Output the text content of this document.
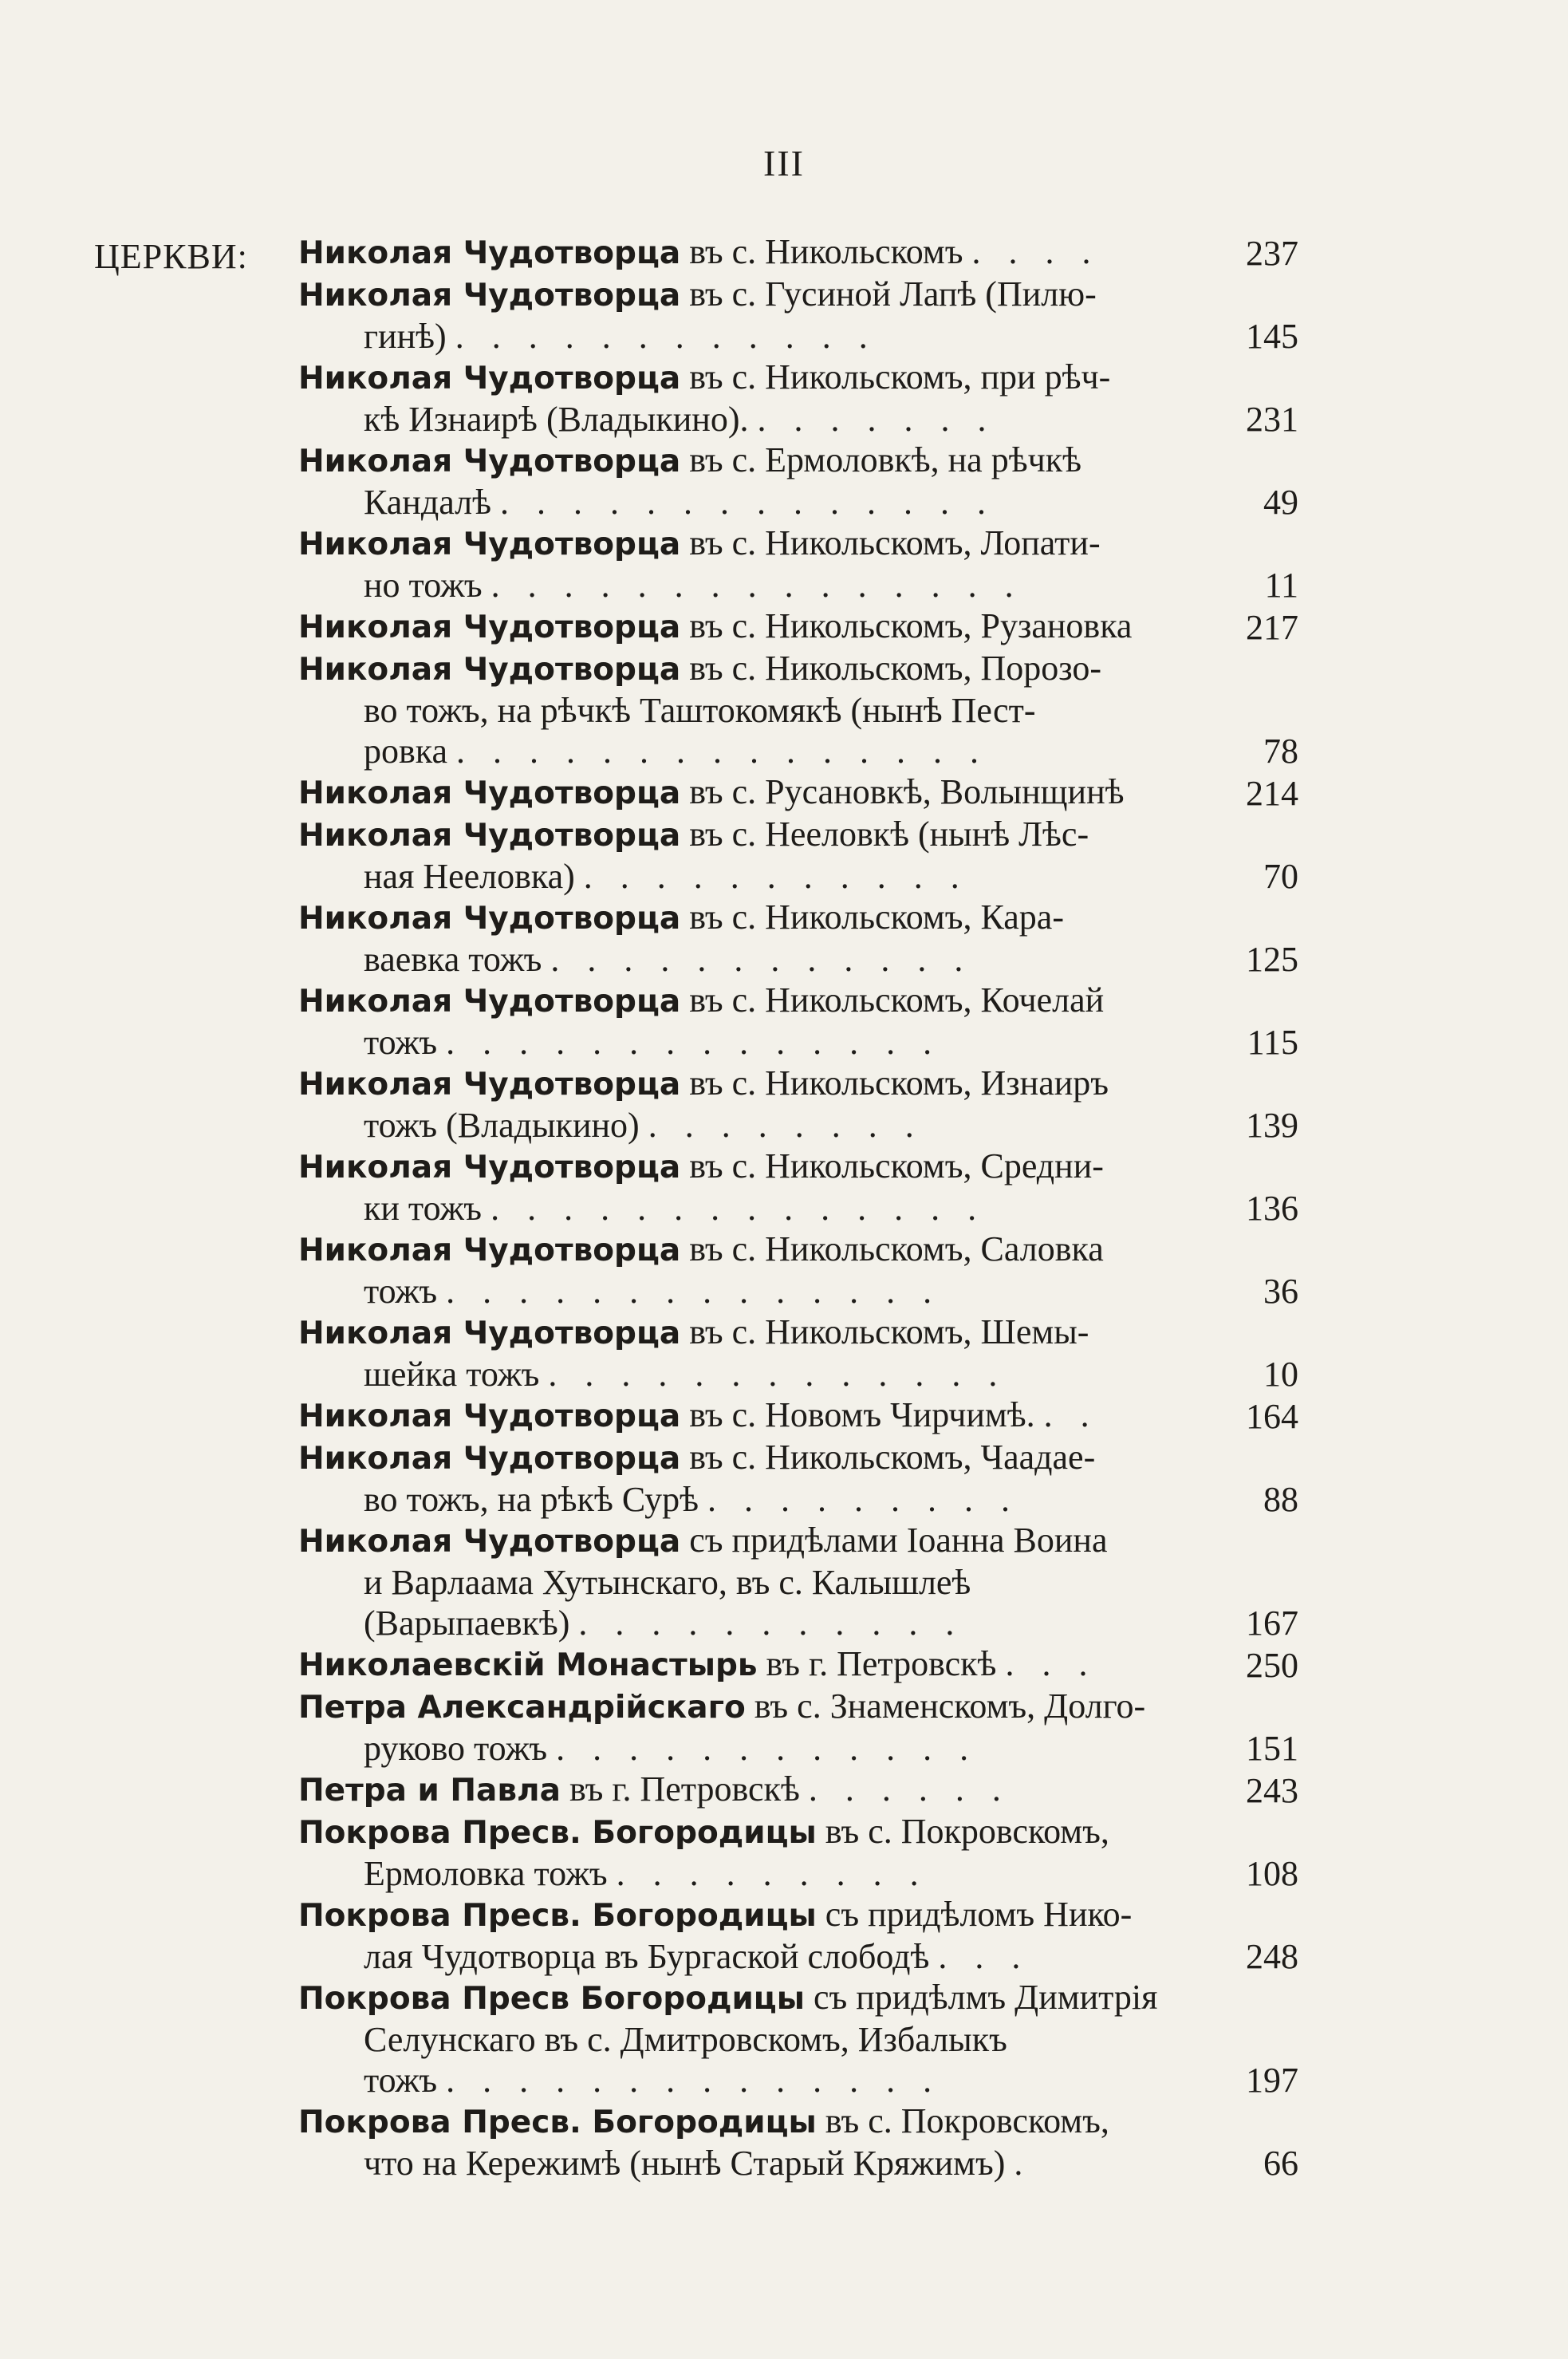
III
ЦЕРКВИ: Николая Чудотворца въ с. Никольскомъ . . . .	237
Николая Чудотворца въ с. Гусиной Лапѣ (Пилю-
гинѣ) . . . . . . . . . . . .	145
Николая Чудотворца въ с. Никольскомъ, при рѣч-
кѣ Изнаирѣ (Владыкино). . . . . . . .	231
Николая Чудотворца въ с. Ермоловкѣ, на рѣчкѣ
Кандалѣ . . . . . . . . . . . . . .	49
Николая Чудотворца въ с. Никольскомъ, Лопати-
но тожъ . . . . . . . . . . . . . . .	11
Николая Чудотворца въ с. Никольскомъ, Рузановка	217
Николая Чудотворца въ с. Никольскомъ, Порозо-
во тожъ, на рѣчкѣ Таштокомякѣ (нынѣ Пест-
ровка . . . . . . . . . . . . . . .	78
Николая Чудотворца въ с. Русановкѣ, Волынщинѣ	214
Николая Чудотворца въ с. Нееловкѣ (нынѣ Лѣс-
ная Нееловка) . . . . . . . . . . .	70
Николая Чудотворца въ с. Никольскомъ, Кара-
ваевка тожъ . . . . . . . . . . . .	125
Николая Чудотворца въ с. Никольскомъ, Кочелай
тожъ . . . . . . . . . . . . . .	115
Николая Чудотворца въ с. Никольскомъ, Изнаиръ
тожъ (Владыкино) . . . . . . . .	139
Николая Чудотворца въ с. Никольскомъ, Средни-
ки тожъ . . . . . . . . . . . . . .	136
Николая Чудотворца въ с. Никольскомъ, Саловка
тожъ . . . . . . . . . . . . . .	36
Николая Чудотворца въ с. Никольскомъ, Шемы-
шейка тожъ . . . . . . . . . . . . .	10
Николая Чудотворца въ с. Новомъ Чирчимѣ. . .	164
Николая Чудотворца въ с. Никольскомъ, Чаадае-
во тожъ, на рѣкѣ Сурѣ . . . . . . . . .	88
Николая Чудотворца съ придѣлами Іоанна Воина
и Варлаама Хутынскаго, въ с. Калышлеѣ
(Варыпаевкѣ) . . . . . . . . . . .	167
Николаевскій Монастырь въ г. Петровскѣ . . .	250
Петра Александрійскаго въ с. Знаменскомъ, Долго-
руково тожъ . . . . . . . . . . . .	151
Петра и Павла въ г. Петровскѣ . . . . . .	243
Покрова Пресв. Богородицы въ с. Покровскомъ,
Ермоловка тожъ . . . . . . . . .	108
Покрова Пресв. Богородицы съ придѣломъ Нико-
лая Чудотворца въ Бургаской слободѣ . . .	248
Покрова Пресв Богородицы съ придѣлмъ Димитрія
Селунскаго въ с. Дмитровскомъ, Избалыкъ
тожъ . . . . . . . . . . . . . .	197
Покрова Пресв. Богородицы въ с. Покровскомъ,
что на Кережимѣ (нынѣ Старый Кряжимъ) .	66
